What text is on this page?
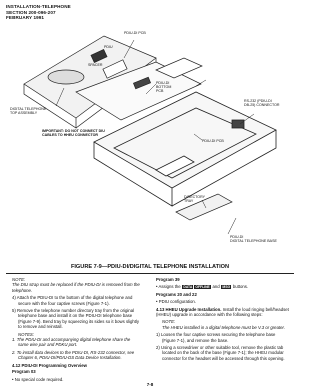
INSTALLATION-TELEPHONE
SECTION 200-096-207
FEBRUARY 1991
PDIU-DI PCB
SPACER
PDIU
PDIU-DI
BOTTOM
PCB
RS-232 (PDIU-DI
DB-25) CONNECTOR
DIGITAL TELEPHONE
TOP ASSEMBLY
IMPORTANT: DO NOT CONNECT DIU
CABLES TO HHEU CONNECTOR
PDIU-DI PCB
DIRECTORY
TRAY
PDIU-DI
DIGITAL TELEPHONE BASE
FIGURE 7-9—PDIU-DI/DIGITAL TELEPHONE INSTALLATION

NOTE:

The DIU strap must be replaced if the PDIU-DI is removed from the telephone.

4) Attach the PDIU-DI to the bottom of the digital telephone and secure with the four captive screws (Figure 7-1).

5) Remove the telephone number directory tray from the original telephone base and install it on the PDIU-DI telephone base (Figure 7-9). Bend tray by squeezing its sides so it bows slightly to remove and reinstall.

NOTES:

1. The PDIU-DI and accompanying digital telephone share the same wire pair and PDKU port.

2. To install data devices to the PDIU-DI, RS-232 connector, see Chapter 6, PDIU-DI/PDIU-DS Data Device Installation.

4.12 PDIU-DI Programming Overview

Program 03

• No special code required.

Program 39

• Assigns the DATA OFFLINE and MSG buttons.

Programs 20 and 22

• PDIU configuration.

4.13 HHEU Upgrade Installation. Install the loud ringing bell/headset (HHEU) upgrade in accordance with the following steps:

NOTE:

The HHEU installed in a digital telephone must be V.3 or greater.

1) Loosen the four captive screws securing the telephone base (Figure 7-1), and remove the base.

2) Using a screwdriver or other suitable tool, remove the plastic tab located on the back of the base (Figure 7-1); the HHEU modular connector for the headset will be accessed through this opening.

7-8
